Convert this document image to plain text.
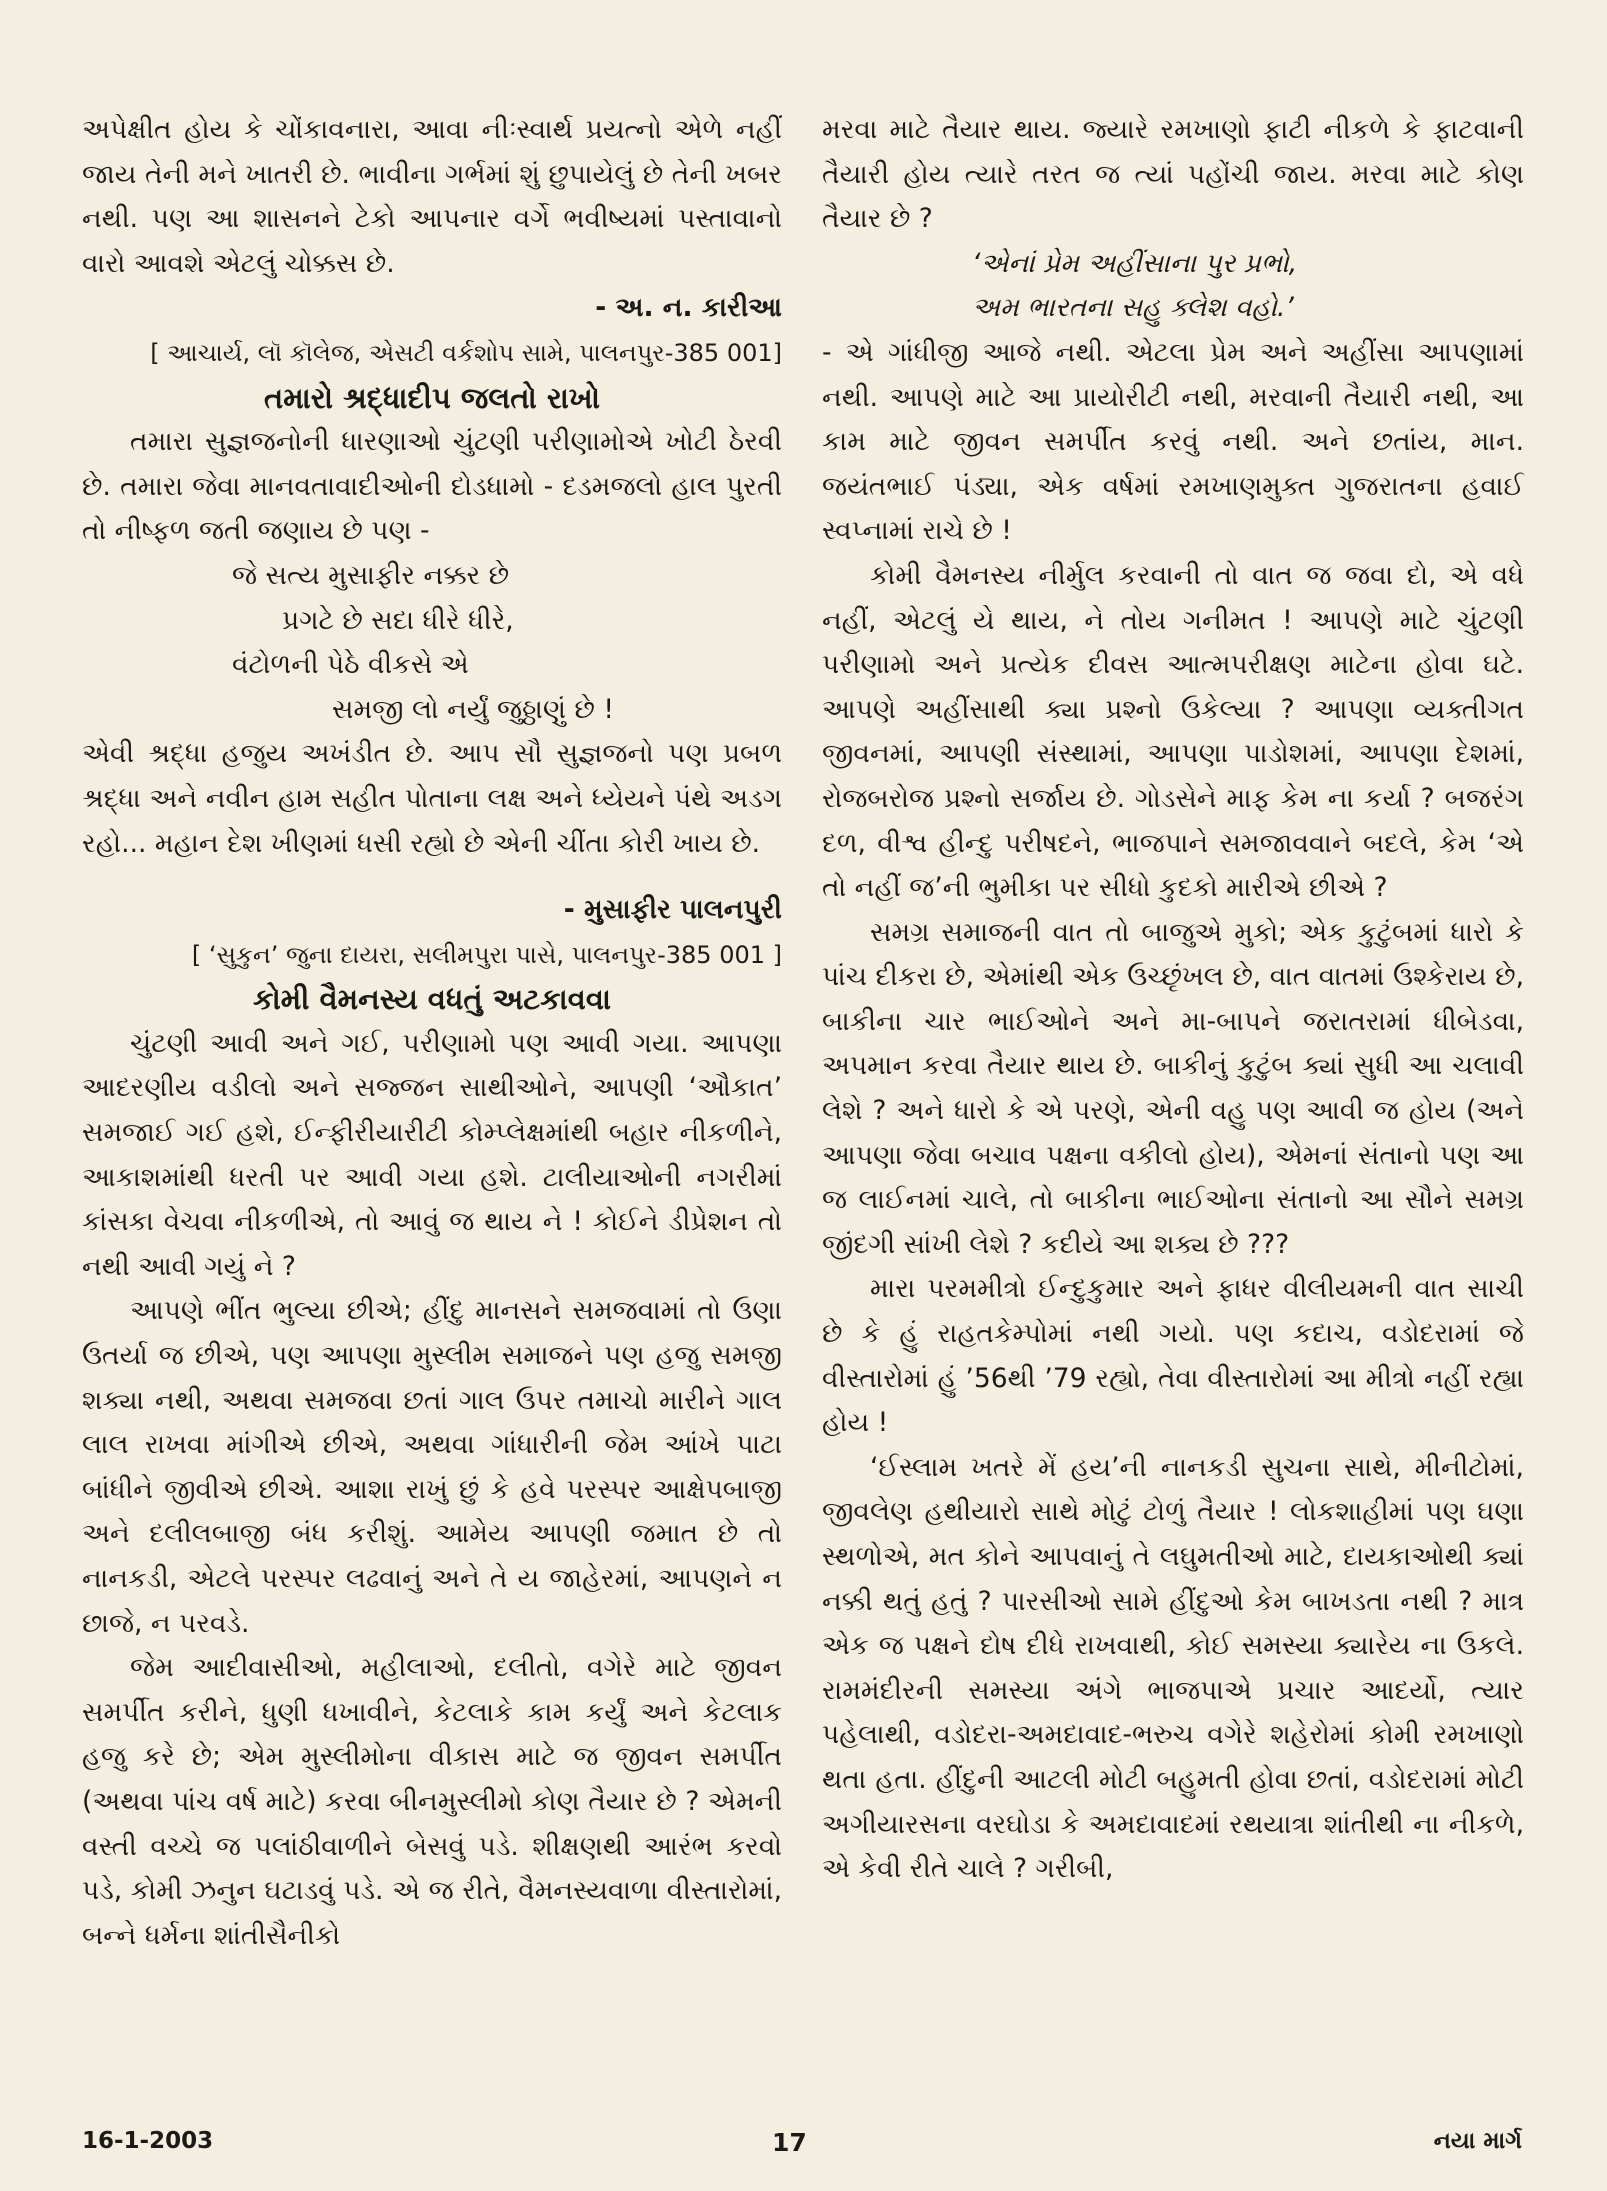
અપેક્ષીત હોય કે ચોંકાવનારા, આવા નીઃસ્વાર્થ પ્રયત્નો એળે નહીં જાય તેની મને ખાતરી છે. ભાવીના ગર્ભમાં શું છુપાયેલું છે તેની ખબર નથી. પણ આ શાસનને ટેકો આપનાર વર્ગે ભવીષ્યમાં પસ્તાવાનો વારો આવશે એટલું ચોક્કસ છે.

- અ. ન. કારીઆ

[ આચાર્ય, લૉ કૉલેજ, એસટી વર્કશોપ સામે, પાલનપુર-385 001]

તમારો શ્રદ્ધાદીપ જલતો રાખો

તમારા સુજ્ઞજનોની ધારણાઓ ચુંટણી પરીણામોએ ખોટી ઠેરવી છે. તમારા જેવા માનવતાવાદીઓની દોડધામો - દડમજલો હાલ પુરતી તો નીષ્ફળ જતી જણાય છે પણ -

જે સત્ય મુસાફીર નક્કર છે
પ્રગટે છે સદા ધીરે ધીરે,
વંટોળની પેઠે વીકસે એ
સમજી લો નર્યું જુઠ્ઠાણું છે !

એવી શ્રદ્ધા હજુય અખંડીત છે. આપ સૌ સુજ્ઞજનો પણ પ્રબળ શ્રદ્ધા અને નવીન હામ સહીત પોતાના લક્ષ અને ધ્યેયને પંથે અડગ રહો... મહાન દેશ ખીણમાં ધસી રહ્યો છે એની ચીંતા કોરી ખાય છે.

- મુસાફીર પાલનપુરી

[ ‘સુકુન’ જુના દાયરા, સલીમપુરા પાસે, પાલનપુર-385 001 ]

કોમી વૈમનસ્ય વધતું અટકાવવા

ચુંટણી આવી અને ગઈ, પરીણામો પણ આવી ગયા. આપણા આદરણીય વડીલો અને સજ્જન સાથીઓને, આપણી ‘ઔકાત’ સમજાઈ ગઈ હશે, ઈન્ફીરીયારીટી કોમ્પ્લેક્ષમાંથી બહાર નીકળીને, આકાશમાંથી ધરતી પર આવી ગયા હશે. ટાલીયાઓની નગરીમાં કાંસકા વેચવા નીકળીએ, તો આવું જ થાય ને ! કોઈને ડીપ્રેશન તો નથી આવી ગયું ને ?

આપણે ભીંત ભુલ્યા છીએ; હીંદુ માનસને સમજવામાં તો ઉણા ઉતર્યા જ છીએ, પણ આપણા મુસ્લીમ સમાજને પણ હજુ સમજી શક્યા નથી, અથવા સમજવા છતાં ગાલ ઉપર તમાચો મારીને ગાલ લાલ રાખવા માંગીએ છીએ, અથવા ગાંધારીની જેમ આંખે પાટા બાંધીને જીવીએ છીએ. આશા રાખું છું કે હવે પરસ્પર આક્ષેપબાજી અને દલીલબાજી બંધ કરીશું. આમેય આપણી જમાત છે તો નાનકડી, એટલે પરસ્પર લઢવાનું અને તે ય જાહેરમાં, આપણને ન છાજે, ન પરવડે.

જેમ આદીવાસીઓ, મહીલાઓ, દલીતો, વગેરે માટે જીવન સમર્પીત કરીને, ધુણી ધખાવીને, કેટલાકે કામ કર્યું અને કેટલાક હજુ કરે છે; એમ મુસ્લીમોના વીકાસ માટે જ જીવન સમર્પીત (અથવા પાંચ વર્ષ માટે) કરવા બીનમુસ્લીમો કોણ તૈયાર છે ? એમની વસ્તી વચ્ચે જ પલાંઠીવાળીને બેસવું પડે. શીક્ષણથી આરંભ કરવો પડે, કોમી ઝનુન ઘટાડવું પડે. એ જ રીતે, વૈમનસ્યવાળા વીસ્તારોમાં, બન્ને ધર્મના શાંતીસૈનીકો

મરવા માટે તૈયાર થાય. જ્યારે રમખાણો ફાટી નીકળે કે ફાટવાની તૈયારી હોય ત્યારે તરત જ ત્યાં પહોંચી જાય. મરવા માટે કોણ તૈયાર છે ?

‘એનાં પ્રેમ અહીંસાના પુર પ્રભો,
અમ ભારતના સહુ ક્લેશ વહો.’

- એ ગાંધીજી આજે નથી. એટલા પ્રેમ અને અહીંસા આપણામાં નથી. આપણે માટે આ પ્રાયોરીટી નથી, મરવાની તૈયારી નથી, આ કામ માટે જીવન સમર્પીત કરવું નથી. અને છતાંય, માન. જયંતભાઈ પંડ્યા, એક વર્ષમાં રમખાણમુક્ત ગુજરાતના હવાઈ સ્વપ્નામાં રાચે છે !

કોમી વૈમનસ્ય નીર્મુલ કરવાની તો વાત જ જવા દો, એ વધે નહીં, એટલું યે થાય, ને તોય ગનીમત ! આપણે માટે ચુંટણી પરીણામો અને પ્રત્યેક દીવસ આત્મપરીક્ષણ માટેના હોવા ઘટે. આપણે અહીંસાથી ક્યા પ્રશ્નો ઉકેલ્યા ? આપણા વ્યક્તીગત જીવનમાં, આપણી સંસ્થામાં, આપણા પાડોશમાં, આપણા દેશમાં, રોજબરોજ પ્રશ્નો સર્જાય છે. ગોડસેને માફ કેમ ના કર્યા ? બજરંગ દળ, વીશ્વ હીન્દુ પરીષદને, ભાજપાને સમજાવવાને બદલે, કેમ ‘એ તો નહીં જ’ની ભુમીકા પર સીધો કુદકો મારીએ છીએ ?

સમગ્ર સમાજની વાત તો બાજુએ મુકો; એક કુટુંબમાં ધારો કે પાંચ દીકરા છે, એમાંથી એક ઉચ્છૃંખલ છે, વાત વાતમાં ઉશ્કેરાય છે, બાકીના ચાર ભાઈઓને અને મા-બાપને જરાતરામાં ધીબેડવા, અપમાન કરવા તૈયાર થાય છે. બાકીનું કુટુંબ ક્યાં સુધી આ ચલાવી લેશે ? અને ધારો કે એ પરણે, એની વહુ પણ આવી જ હોય (અને આપણા જેવા બચાવ પક્ષના વકીલો હોય), એમનાં સંતાનો પણ આ જ લાઈનમાં ચાલે, તો બાકીના ભાઈઓના સંતાનો આ સૌને સમગ્ર જીંદગી સાંખી લેશે ? કદીયે આ શક્ય છે ???

મારા પરમમીત્રો ઈન્દુકુમાર અને ફાધર વીલીયમની વાત સાચી છે કે હું રાહતકેમ્પોમાં નથી ગયો. પણ કદાચ, વડોદરામાં જે વીસ્તારોમાં હું ’56થી ’79 રહ્યો, તેવા વીસ્તારોમાં આ મીત્રો નહીં રહ્યા હોય !

‘ઈસ્લામ ખતરે મેં હય’ની નાનકડી સુચના સાથે, મીનીટોમાં, જીવલેણ હથીયારો સાથે મોટું ટોળું તૈયાર ! લોકશાહીમાં પણ ઘણા સ્થળોએ, મત કોને આપવાનું તે લઘુમતીઓ માટે, દાયકાઓથી ક્યાં નક્કી થતું હતું ? પારસીઓ સામે હીંદુઓ કેમ બાખડતા નથી ? માત્ર એક જ પક્ષને દોષ દીધે રાખવાથી, કોઈ સમસ્યા ક્યારેય ના ઉકલે. રામમંદીરની સમસ્યા અંગે ભાજપાએ પ્રચાર આદર્યો, ત્યાર પહેલાથી, વડોદરા-અમદાવાદ-ભરુચ વગેરે શહેરોમાં કોમી રમખાણો થતા હતા. હીંદુની આટલી મોટી બહુમતી હોવા છતાં, વડોદરામાં મોટી અગીયારસના વરઘોડા કે અમદાવાદમાં રથયાત્રા શાંતીથી ના નીકળે, એ કેવી રીતે ચાલે ? ગરીબી,

16-1-2003	17	નયા માર્ગ
